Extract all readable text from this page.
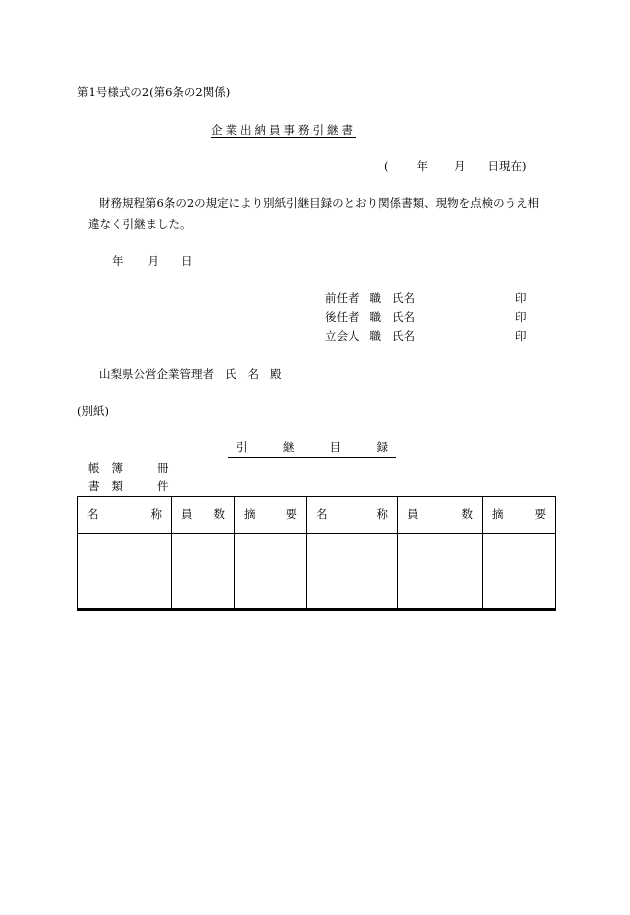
第1号様式の2(第6条の2関係)
企業出納員事務引継書
( 年 月 日現在)
財務規程第6条の2の規定により別紙引継目録のとおり関係書類、現物を点検のうえ相
違なく引継ました。
年 月 日
前任者 職 氏名	印
後任者 職 氏名	印
立会人 職 氏名	印
山梨県公営企業管理者 氏 名 殿
(別紙)
引	継	目	録
帳 簿	冊
書 類	件
名 称	員 数	摘 要	名 称	員 数	摘 要
